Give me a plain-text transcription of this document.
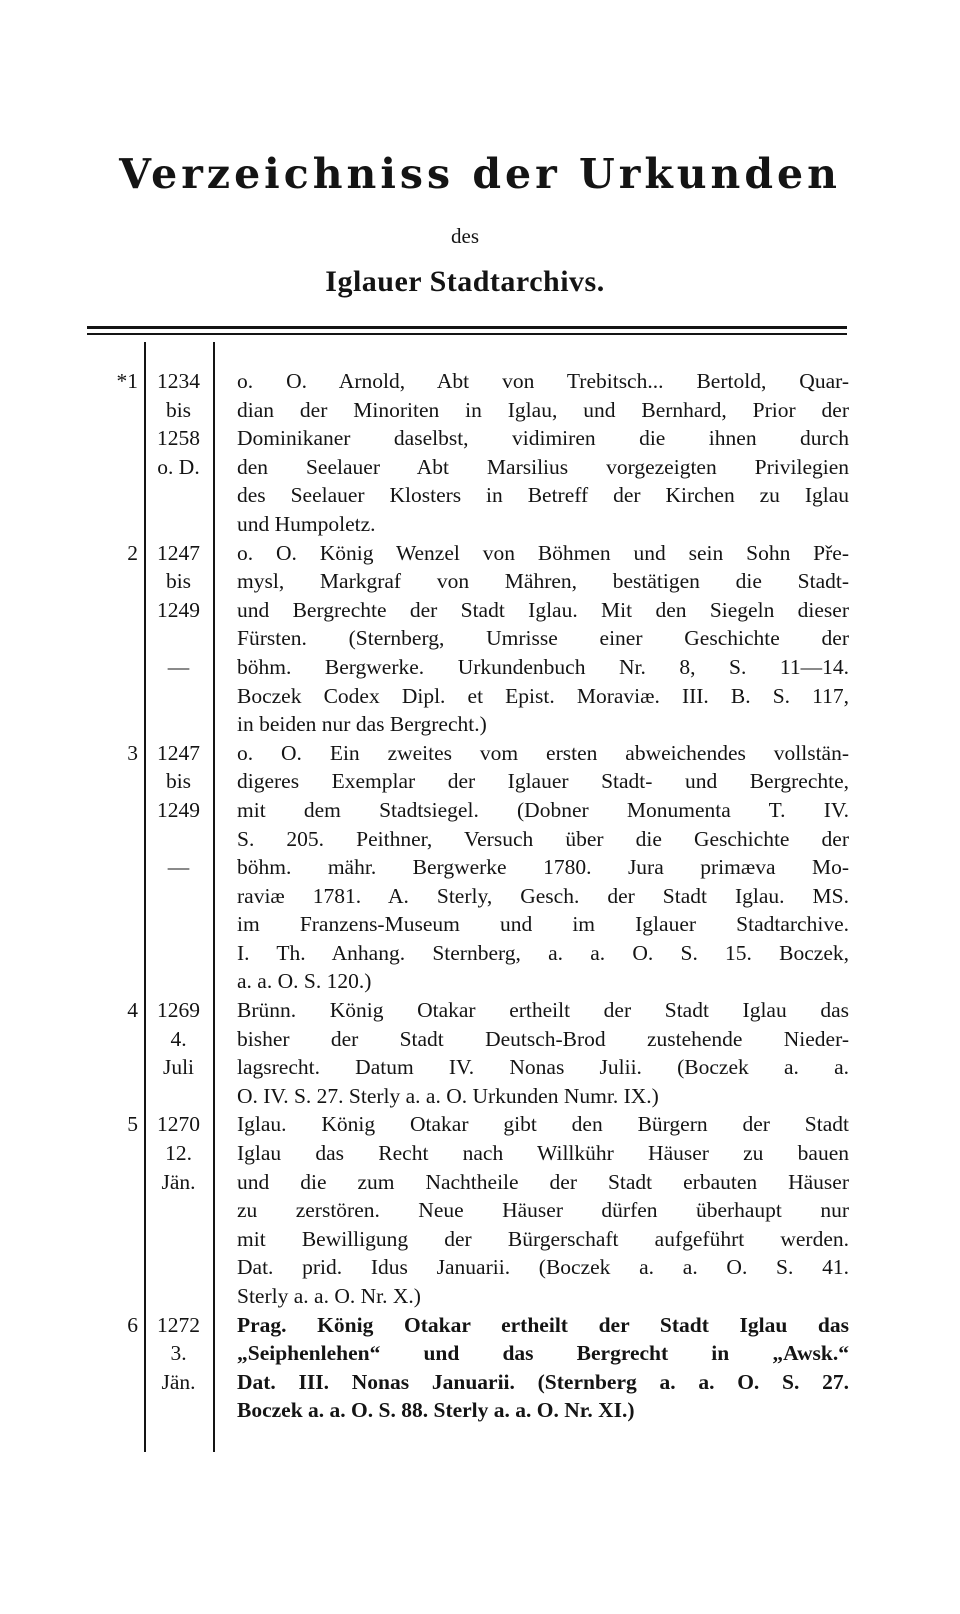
Verzeichniss der Urkunden
des
Iglauer Stadtarchivs.
*1 1234
bis
1258
o. D.
o. O. Arnold, Abt von Trebitsch... Bertold, Quar-
dian der Minoriten in Iglau, und Bernhard, Prior der
Dominikaner daselbst, vidimiren die ihnen durch
den Seelauer Abt Marsilius vorgezeigten Privilegien
des Seelauer Klosters in Betreff der Kirchen zu Iglau
und Humpoletz.
2 1247
bis
1249
—
o. O. König Wenzel von Böhmen und sein Sohn Pře-
mysl, Markgraf von Mähren, bestätigen die Stadt-
und Bergrechte der Stadt Iglau. Mit den Siegeln dieser
Fürsten. (Sternberg, Umrisse einer Geschichte der
böhm. Bergwerke. Urkundenbuch Nr. 8, S. 11—14.
Boczek Codex Dipl. et Epist. Moraviæ. III. B. S. 117,
in beiden nur das Bergrecht.)
3 1247
bis
1249
—
o. O. Ein zweites vom ersten abweichendes vollstän-
digeres Exemplar der Iglauer Stadt- und Bergrechte,
mit dem Stadtsiegel. (Dobner Monumenta T. IV.
S. 205. Peithner, Versuch über die Geschichte der
böhm. mähr. Bergwerke 1780. Jura primæva Mo-
raviæ 1781. A. Sterly, Gesch. der Stadt Iglau. MS.
im Franzens-Museum und im Iglauer Stadtarchive.
I. Th. Anhang. Sternberg, a. a. O. S. 15. Boczek,
a. a. O. S. 120.)
4 1269
4.
Juli
Brünn. König Otakar ertheilt der Stadt Iglau das
bisher der Stadt Deutsch-Brod zustehende Nieder-
lagsrecht. Datum IV. Nonas Julii. (Boczek a. a.
O. IV. S. 27. Sterly a. a. O. Urkunden Numr. IX.)
5 1270
12.
Jän.
Iglau. König Otakar gibt den Bürgern der Stadt
Iglau das Recht nach Willkühr Häuser zu bauen
und die zum Nachtheile der Stadt erbauten Häuser
zu zerstören. Neue Häuser dürfen überhaupt nur
mit Bewilligung der Bürgerschaft aufgeführt werden.
Dat. prid. Idus Januarii. (Boczek a. a. O. S. 41.
Sterly a. a. O. Nr. X.)
6 1272
3.
Jän.
Prag. König Otakar ertheilt der Stadt Iglau das
„Seiphenlehen“ und das Bergrecht in „Awsk.“
Dat. III. Nonas Januarii. (Sternberg a. a. O. S. 27.
Boczek a. a. O. S. 88. Sterly a. a. O. Nr. XI.)
